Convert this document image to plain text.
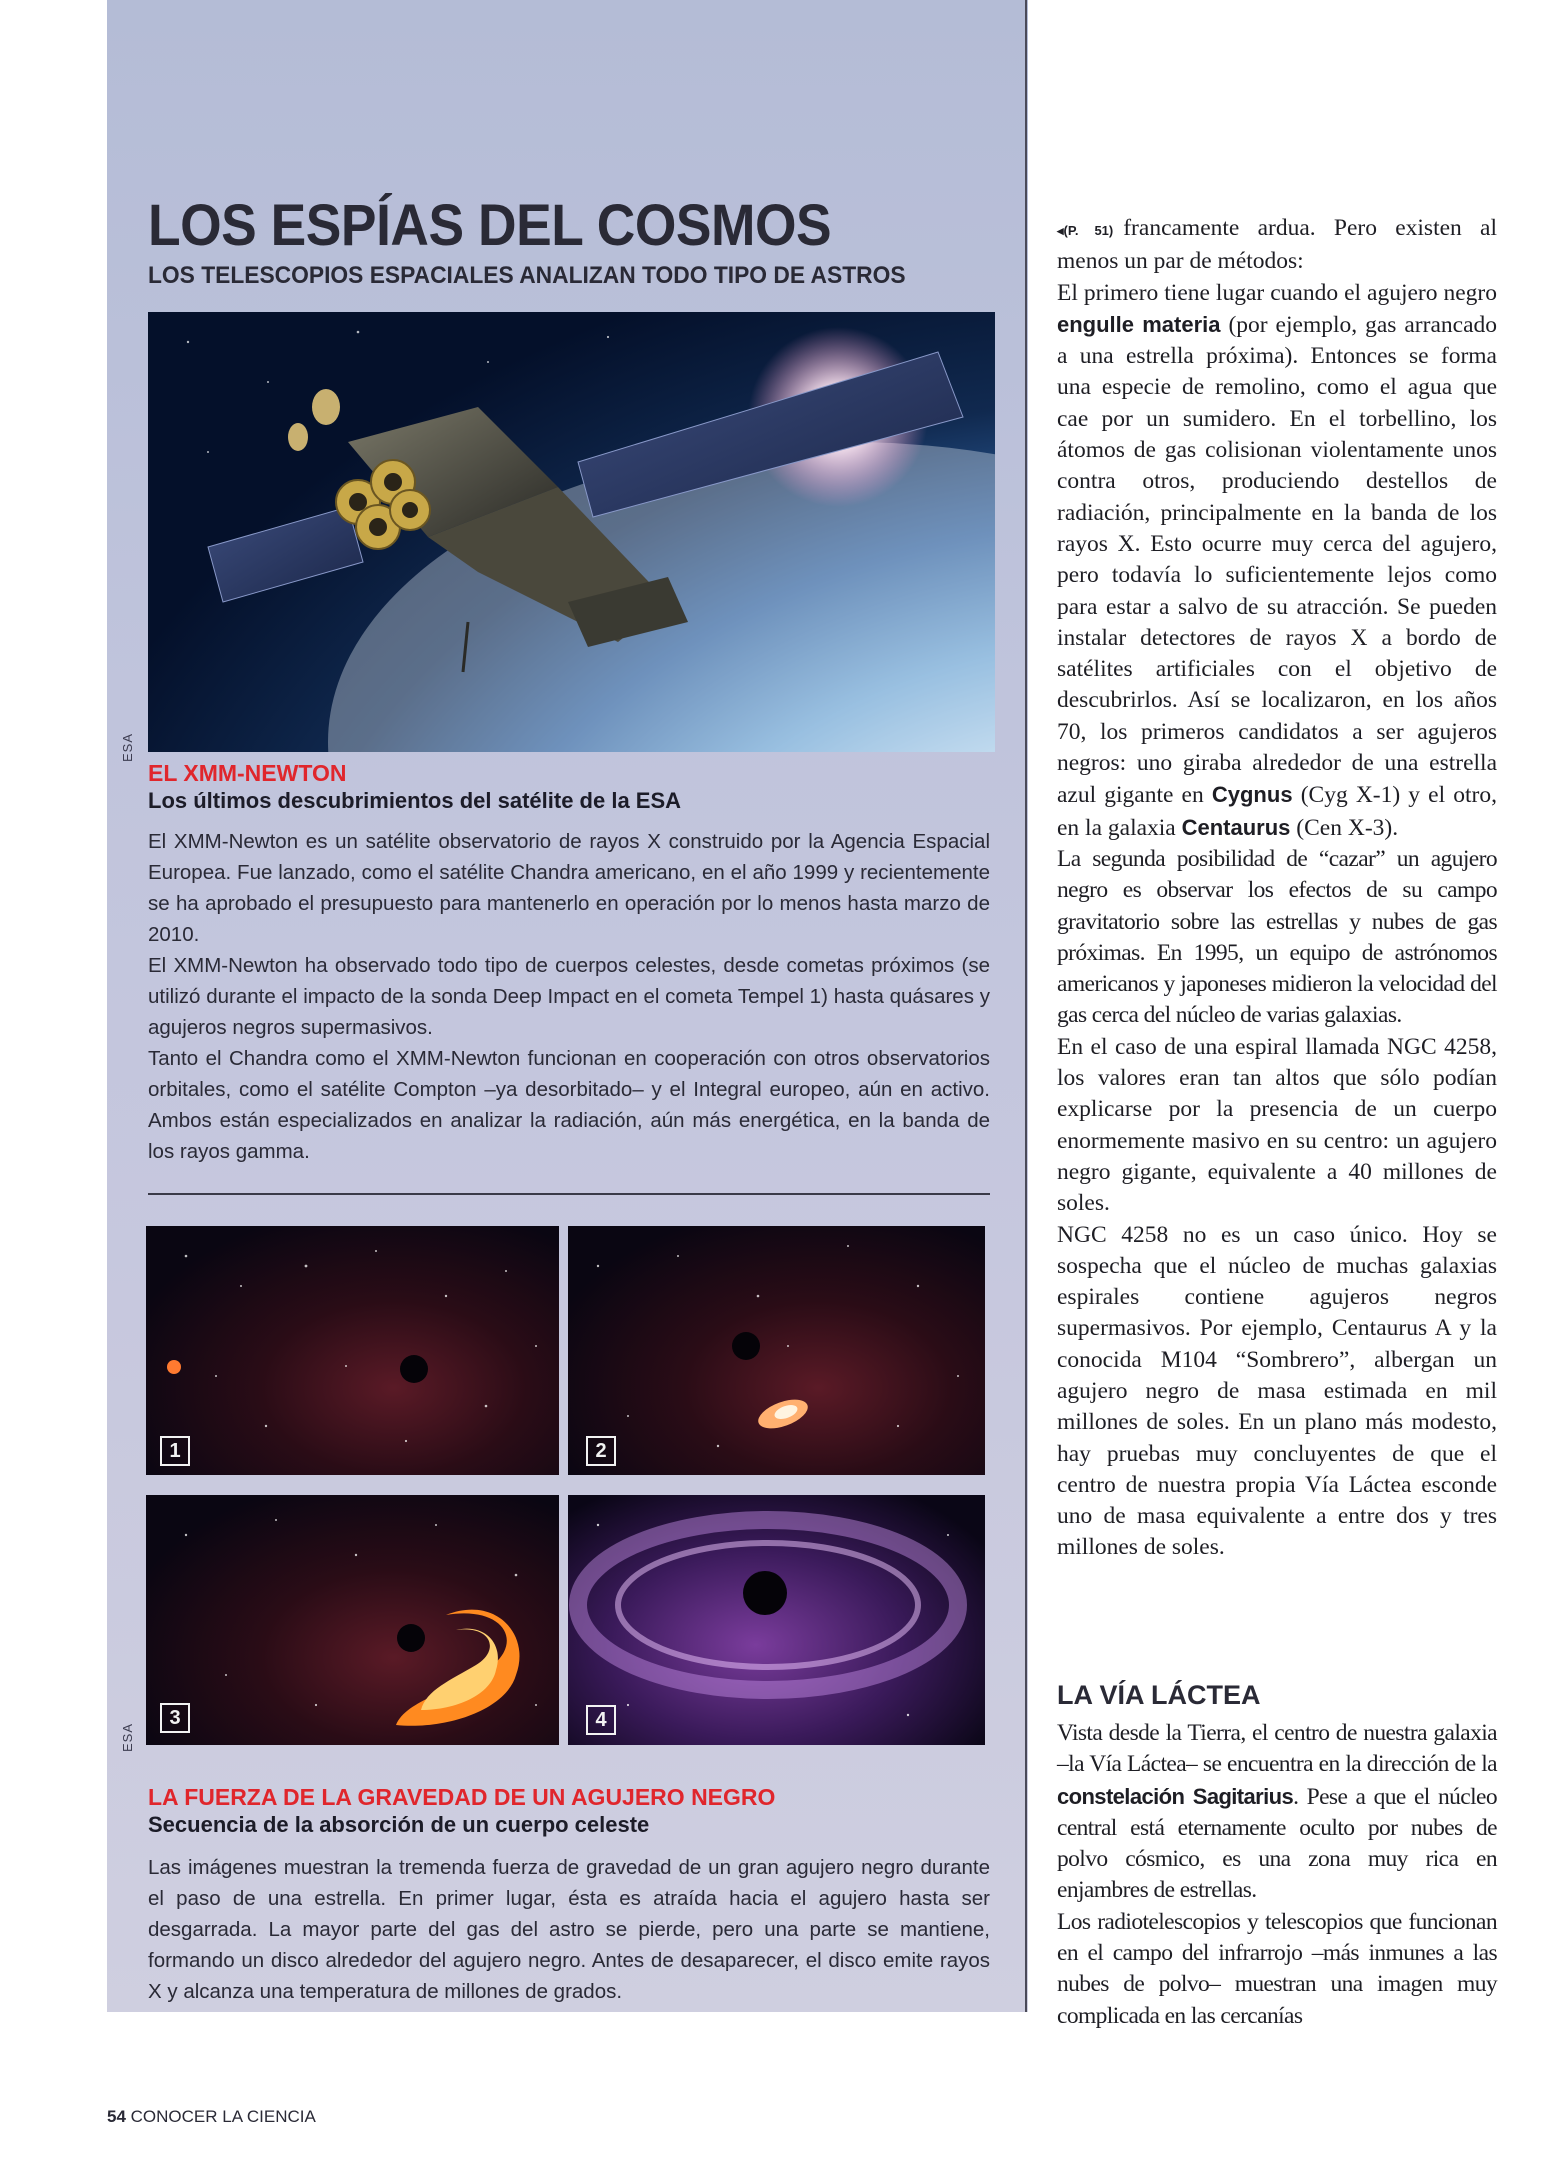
LOS ESPÍAS DEL COSMOS
LOS TELESCOPIOS ESPACIALES ANALIZAN TODO TIPO DE ASTROS
ESA
EL XMM-NEWTON
Los últimos descubrimientos del satélite de la ESA

El XMM-Newton es un satélite observatorio de rayos X construido por la Agencia Espacial Europea. Fue lanzado, como el satélite Chandra americano, en el año 1999 y recientemente se ha aprobado el presupuesto para mantenerlo en operación por lo menos hasta marzo de 2010.

El XMM-Newton ha observado todo tipo de cuerpos celestes, desde cometas próximos (se utilizó durante el impacto de la sonda Deep Impact en el cometa Tempel 1) hasta quásares y agujeros negros supermasivos.

Tanto el Chandra como el XMM-Newton funcionan en cooperación con otros observatorios orbitales, como el satélite Compton –ya desorbitado– y el Integral europeo, aún en activo. Ambos están especializados en analizar la radiación, aún más energética, en la banda de los rayos gamma.

1	2
3	4
ESA
LA FUERZA DE LA GRAVEDAD DE UN AGUJERO NEGRO
Secuencia de la absorción de un cuerpo celeste

Las imágenes muestran la tremenda fuerza de gravedad de un gran agujero negro durante el paso de una estrella. En primer lugar, ésta es atraída hacia el agujero hasta ser desgarrada. La mayor parte del gas del astro se pierde, pero una parte se mantiene, formando un disco alrededor del agujero negro. Antes de desaparecer, el disco emite rayos X y alcanza una temperatura de millones de grados.

◂(P. 51) francamente ardua. Pero existen al menos un par de métodos:

El primero tiene lugar cuando el agujero negro engulle materia (por ejemplo, gas arrancado a una estrella próxima). Entonces se forma una especie de remolino, como el agua que cae por un sumidero. En el torbellino, los átomos de gas colisionan violentamente unos contra otros, produciendo destellos de radiación, principalmente en la banda de los rayos X. Esto ocurre muy cerca del agujero, pero todavía lo suficientemente lejos como para estar a salvo de su atracción. Se pueden instalar detectores de rayos X a bordo de satélites artificiales con el objetivo de descubrirlos. Así se localizaron, en los años 70, los primeros candidatos a ser agujeros negros: uno giraba alrededor de una estrella azul gigante en Cygnus (Cyg X-1) y el otro, en la galaxia Centaurus (Cen X-3).

La segunda posibilidad de “cazar” un agujero negro es observar los efectos de su campo gravitatorio sobre las estrellas y nubes de gas próximas. En 1995, un equipo de astrónomos americanos y japoneses midieron la velocidad del gas cerca del núcleo de varias galaxias.

En el caso de una espiral llamada NGC 4258, los valores eran tan altos que sólo podían explicarse por la presencia de un cuerpo enormemente masivo en su centro: un agujero negro gigante, equivalente a 40 millones de soles.

NGC 4258 no es un caso único. Hoy se sospecha que el núcleo de muchas galaxias espirales contiene agujeros negros supermasivos. Por ejemplo, Centaurus A y la conocida M104 “Sombrero”, albergan un agujero negro de masa estimada en mil millones de soles. En un plano más modesto, hay pruebas muy concluyentes de que el centro de nuestra propia Vía Láctea esconde uno de masa equivalente a entre dos y tres millones de soles.

LA VÍA LÁCTEA

Vista desde la Tierra, el centro de nuestra galaxia –la Vía Láctea– se encuentra en la dirección de la constelación Sagitarius. Pese a que el núcleo central está eternamente oculto por nubes de polvo cósmico, es una zona muy rica en enjambres de estrellas.

Los radiotelescopios y telescopios que funcionan en el campo del infrarrojo –más inmunes a las nubes de polvo– muestran una imagen muy complicada en las cercanías

54 CONOCER LA CIENCIA
